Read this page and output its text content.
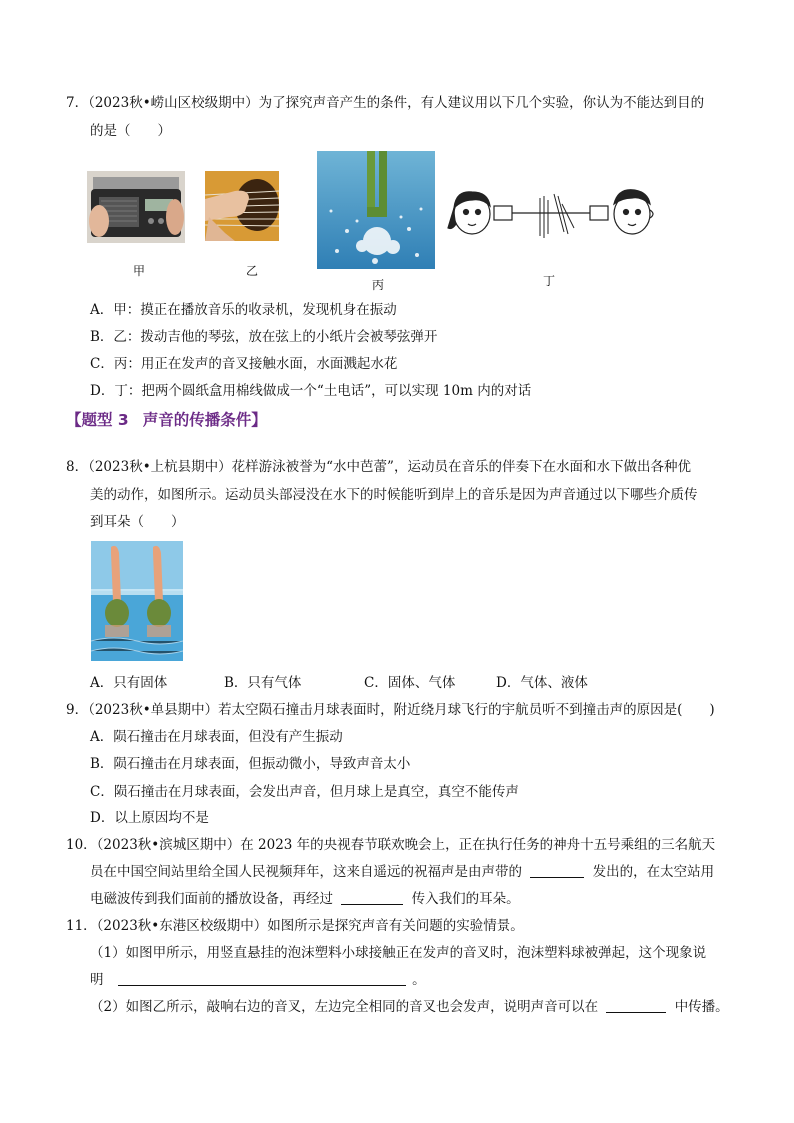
7．（2023秋•崂山区校级期中）为了探究声音产生的条件，有人建议用以下几个实验，你认为不能达到目的
的是（　　）
甲	乙
丙	丁
A．甲：摸正在播放音乐的收录机，发现机身在振动
B．乙：拨动吉他的琴弦，放在弦上的小纸片会被琴弦弹开
C．丙：用正在发声的音叉接触水面，水面溅起水花
D．丁：把两个圆纸盒用棉线做成一个“土电话”，可以实现 10m 内的对话
【题型 3 声音的传播条件】
8．（2023秋•上杭县期中）花样游泳被誉为“水中芭蕾”，运动员在音乐的伴奏下在水面和水下做出各种优
美的动作，如图所示。运动员头部浸没在水下的时候能听到岸上的音乐是因为声音通过以下哪些介质传
到耳朵（　　）
A．只有固体	B．只有气体	C．固体、气体	D．气体、液体
9．（2023秋•单县期中）若太空陨石撞击月球表面时，附近绕月球飞行的宇航员听不到撞击声的原因是(　　)
A．陨石撞击在月球表面，但没有产生振动
B．陨石撞击在月球表面，但振动微小，导致声音太小
C．陨石撞击在月球表面，会发出声音，但月球上是真空，真空不能传声
D．以上原因均不是
10．（2023秋•滨城区期中）在 2023 年的央视春节联欢晚会上，正在执行任务的神舟十五号乘组的三名航天
员在中国空间站里给全国人民视频拜年，这来自遥远的祝福声是由声带的	发出的，在太空站用
电磁波传到我们面前的播放设备，再经过	传入我们的耳朵。
11．（2023秋•东港区校级期中）如图所示是探究声音有关问题的实验情景。
（1）如图甲所示，用竖直悬挂的泡沫塑料小球接触正在发声的音叉时，泡沫塑料球被弹起，这个现象说
明	。
（2）如图乙所示，敲响右边的音叉，左边完全相同的音叉也会发声，说明声音可以在	中传播。
